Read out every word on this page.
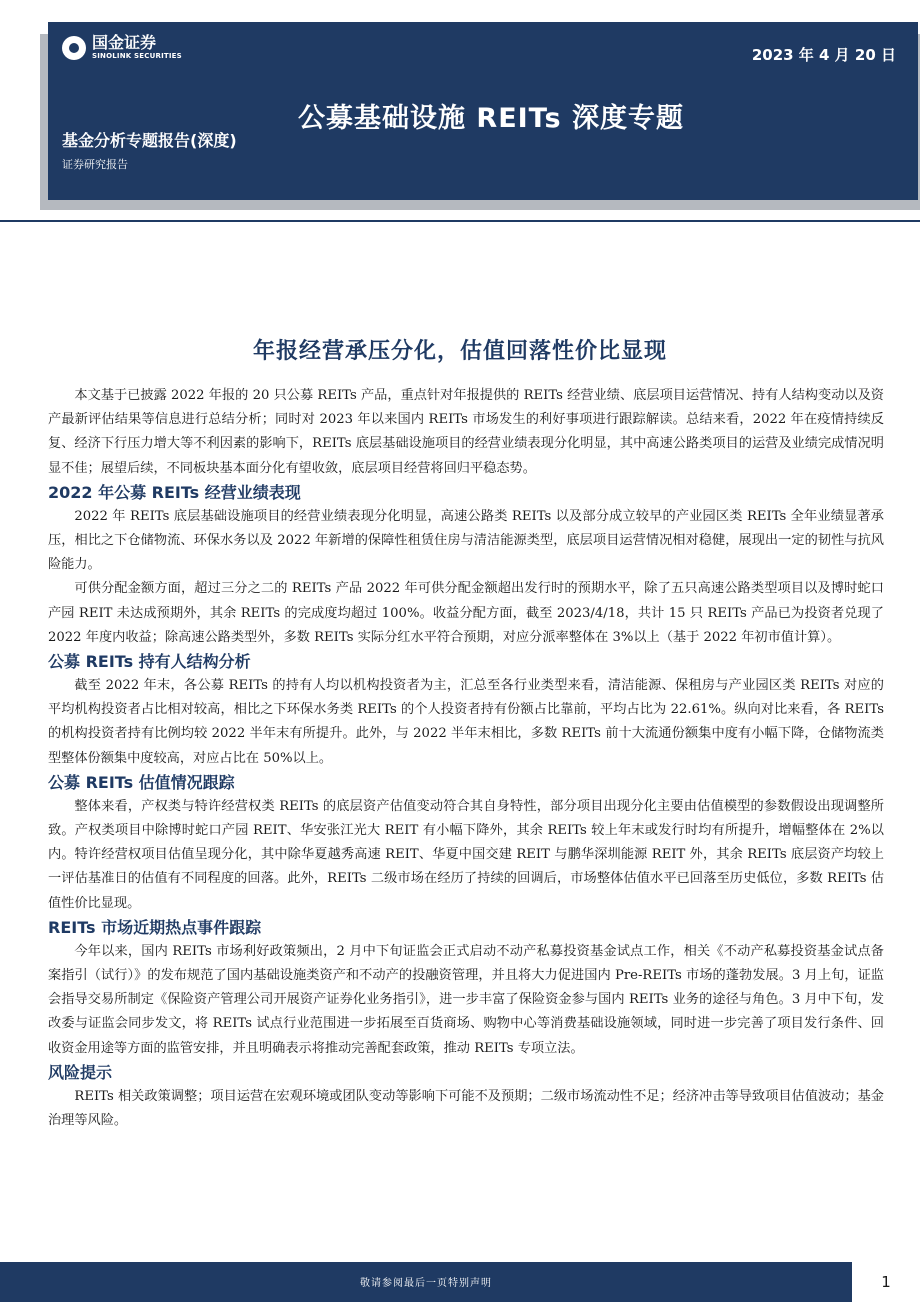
国金证券
SINOLINK SECURITIES	2023 年 4 月 20 日
公募基础设施 REITs 深度专题
基金分析专题报告(深度)
证券研究报告
年报经营承压分化，估值回落性价比显现

本文基于已披露 2022 年报的 20 只公募 REITs 产品，重点针对年报提供的 REITs 经营业绩、底层项目运营情况、持有人结构变动以及资产最新评估结果等信息进行总结分析；同时对 2023 年以来国内 REITs 市场发生的利好事项进行跟踪解读。总结来看，2022 年在疫情持续反复、经济下行压力增大等不利因素的影响下，REITs 底层基础设施项目的经营业绩表现分化明显，其中高速公路类项目的运营及业绩完成情况明显不佳；展望后续，不同板块基本面分化有望收敛，底层项目经营将回归平稳态势。

2022 年公募 REITs 经营业绩表现

2022 年 REITs 底层基础设施项目的经营业绩表现分化明显，高速公路类 REITs 以及部分成立较早的产业园区类 REITs 全年业绩显著承压，相比之下仓储物流、环保水务以及 2022 年新增的保障性租赁住房与清洁能源类型，底层项目运营情况相对稳健，展现出一定的韧性与抗风险能力。

可供分配金额方面，超过三分之二的 REITs 产品 2022 年可供分配金额超出发行时的预期水平，除了五只高速公路类型项目以及博时蛇口产园 REIT 未达成预期外，其余 REITs 的完成度均超过 100%。收益分配方面，截至 2023/4/18，共计 15 只 REITs 产品已为投资者兑现了 2022 年度内收益；除高速公路类型外，多数 REITs 实际分红水平符合预期，对应分派率整体在 3%以上（基于 2022 年初市值计算）。

公募 REITs 持有人结构分析

截至 2022 年末，各公募 REITs 的持有人均以机构投资者为主，汇总至各行业类型来看，清洁能源、保租房与产业园区类 REITs 对应的平均机构投资者占比相对较高，相比之下环保水务类 REITs 的个人投资者持有份额占比靠前，平均占比为 22.61%。纵向对比来看，各 REITs 的机构投资者持有比例均较 2022 半年末有所提升。此外，与 2022 半年末相比，多数 REITs 前十大流通份额集中度有小幅下降，仓储物流类型整体份额集中度较高，对应占比在 50%以上。

公募 REITs 估值情况跟踪

整体来看，产权类与特许经营权类 REITs 的底层资产估值变动符合其自身特性，部分项目出现分化主要由估值模型的参数假设出现调整所致。产权类项目中除博时蛇口产园 REIT、华安张江光大 REIT 有小幅下降外，其余 REITs 较上年末或发行时均有所提升，增幅整体在 2%以内。特许经营权项目估值呈现分化，其中除华夏越秀高速 REIT、华夏中国交建 REIT 与鹏华深圳能源 REIT 外，其余 REITs 底层资产均较上一评估基准日的估值有不同程度的回落。此外，REITs 二级市场在经历了持续的回调后，市场整体估值水平已回落至历史低位，多数 REITs 估值性价比显现。

REITs 市场近期热点事件跟踪

今年以来，国内 REITs 市场利好政策频出，2 月中下旬证监会正式启动不动产私募投资基金试点工作，相关《不动产私募投资基金试点备案指引（试行）》的发布规范了国内基础设施类资产和不动产的投融资管理，并且将大力促进国内 Pre-REITs 市场的蓬勃发展。3 月上旬，证监会指导交易所制定《保险资产管理公司开展资产证券化业务指引》，进一步丰富了保险资金参与国内 REITs 业务的途径与角色。3 月中下旬，发改委与证监会同步发文，将 REITs 试点行业范围进一步拓展至百货商场、购物中心等消费基础设施领域，同时进一步完善了项目发行条件、回收资金用途等方面的监管安排，并且明确表示将推动完善配套政策，推动 REITs 专项立法。

风险提示

REITs 相关政策调整；项目运营在宏观环境或团队变动等影响下可能不及预期；二级市场流动性不足；经济冲击等导致项目估值波动；基金治理等风险。

敬请参阅最后一页特别声明	1
